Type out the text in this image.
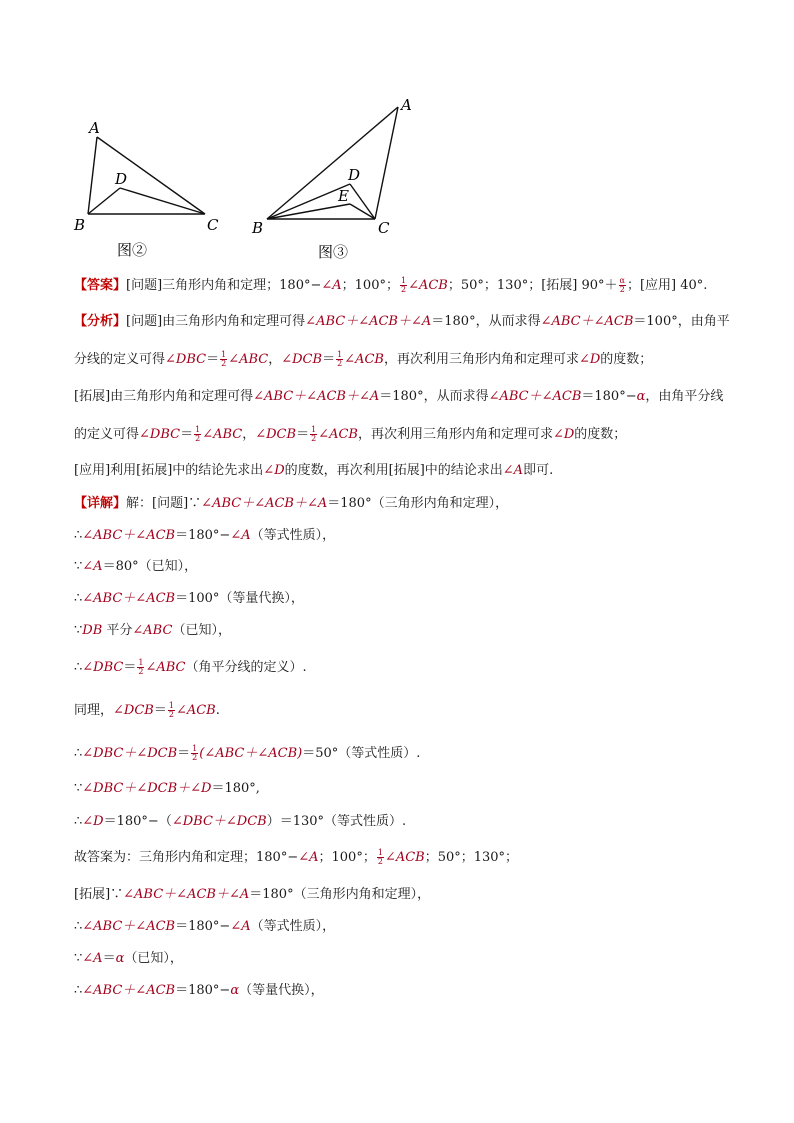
A
B	C
D
图②
A
B	C
D
E
图③
【答案】[问题]三角形内角和定理；180°−∠A；100°； $\frac{1}{2}$ ∠ACB；50°；130°；[拓展] $90^\circ+ \frac{\alpha}{2}$ ；[应用] 40°.
【分析】[问题]由三角形内角和定理可得∠ABC＋∠ACB＋∠A＝180°，从而求得∠ABC＋∠ACB＝100°，由角平
分线的定义可得∠DBC＝ $\frac{1}{2}$ ∠ABC，∠DCB＝ $\frac{1}{2}$ ∠ACB，再次利用三角形内角和定理可求∠D的度数；
[拓展]由三角形内角和定理可得∠ABC＋∠ACB＋∠A＝180°，从而求得∠ABC＋∠ACB＝180°−α，由角平分线
的定义可得∠DBC＝ $\frac{1}{2}$ ∠ABC，∠DCB＝ $\frac{1}{2}$ ∠ACB，再次利用三角形内角和定理可求∠D的度数；
[应用]利用[拓展]中的结论先求出∠D的度数，再次利用[拓展]中的结论求出∠A即可.
【详解】解：[问题]∵∠ABC＋∠ACB＋∠A＝180°（三角形内角和定理），
∴∠ABC＋∠ACB＝180°−∠A（等式性质），
∵∠A＝80°（已知），
∴∠ABC＋∠ACB＝100°（等量代换），
∵DB 平分∠ABC（已知），
∴∠DBC＝ $\frac{1}{2}$ ∠ABC（角平分线的定义）.
同理，∠DCB＝ $\frac{1}{2}$ ∠ACB.
∴∠DBC＋∠DCB＝ $\frac{1}{2}$ (∠ABC＋∠ACB)＝50°（等式性质）.
∵∠DBC＋∠DCB＋∠D＝180°,
∴∠D＝180°−（∠DBC＋∠DCB）＝130°（等式性质）.
故答案为：三角形内角和定理；180°−∠A；100°； $\frac{1}{2}$ ∠ACB；50°；130°；
[拓展]∵∠ABC＋∠ACB＋∠A＝180°（三角形内角和定理），
∴∠ABC＋∠ACB＝180°−∠A（等式性质），
∵∠A＝α（已知），
∴∠ABC＋∠ACB＝180°−α（等量代换），
